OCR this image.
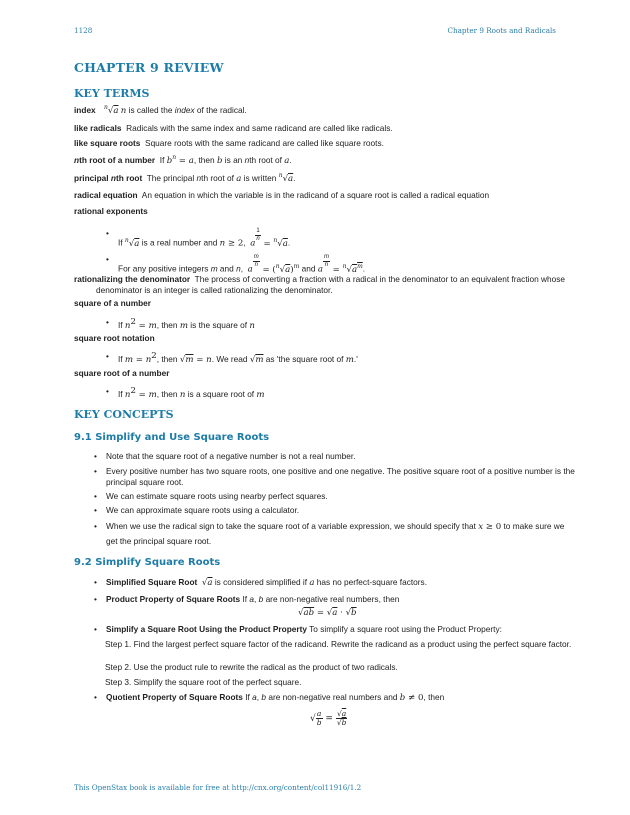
1128	Chapter 9 Roots and Radicals
CHAPTER 9 REVIEW
KEY TERMS
index $^n$√a n is called the index of the radical.
like radicals Radicals with the same index and same radicand are called like radicals.
like square roots Square roots with the same radicand are called like square roots.
nth root of a number If $b^n = a$, then b is an nth root of a.
principal nth root The principal nth root of a is written $^n$√a.
radical equation An equation in which the variable is in the radicand of a square root is called a radical equation
rational exponents
• If $^n$√a is a real number and n ≥ 2,  a
$\frac{1}{n}$
= $^n$√a.
• For any positive integers m and n,  a
$\frac{m}{n}$
= $(^n√a)^m$ and a
$\frac{m}{n}$
= $^n√a^m$.
rationalizing the denominator The process of converting a fraction with a radical in the denominator to an equivalent fraction whose denominator is an integer is called rationalizing the denominator.
square of a number
• If $n^2 = m$, then m is the square of n
square root notation
• If $m = n^2$, then √m = n. We read √m as 'the square root of m.'
square root of a number
• If $n^2 = m$, then n is a square root of m
KEY CONCEPTS
9.1 Simplify and Use Square Roots
• Note that the square root of a negative number is not a real number.
• Every positive number has two square roots, one positive and one negative. The positive square root of a positive number is the principal square root.
• We can estimate square roots using nearby perfect squares.
• We can approximate square roots using a calculator.
• When we use the radical sign to take the square root of a variable expression, we should specify that x ≥ 0 to make sure we get the principal square root.
9.2 Simplify Square Roots
• Simplified Square Root √a is considered simplified if a has no perfect-square factors.
• Product Property of Square Roots If a, b are non-negative real numbers, then
√ab = √a · √b
• Simplify a Square Root Using the Product Property To simplify a square root using the Product Property:
Step 1. Find the largest perfect square factor of the radicand. Rewrite the radicand as a product using the perfect square factor.
Step 2. Use the product rule to rewrite the radical as the product of two radicals.
Step 3. Simplify the square root of the perfect square.
• Quotient Property of Square Roots If a, b are non-negative real numbers and b ≠ 0, then
√ $\frac{a}{b} = \frac{√a}{√b}$
This OpenStax book is available for free at http://cnx.org/content/col11916/1.2
